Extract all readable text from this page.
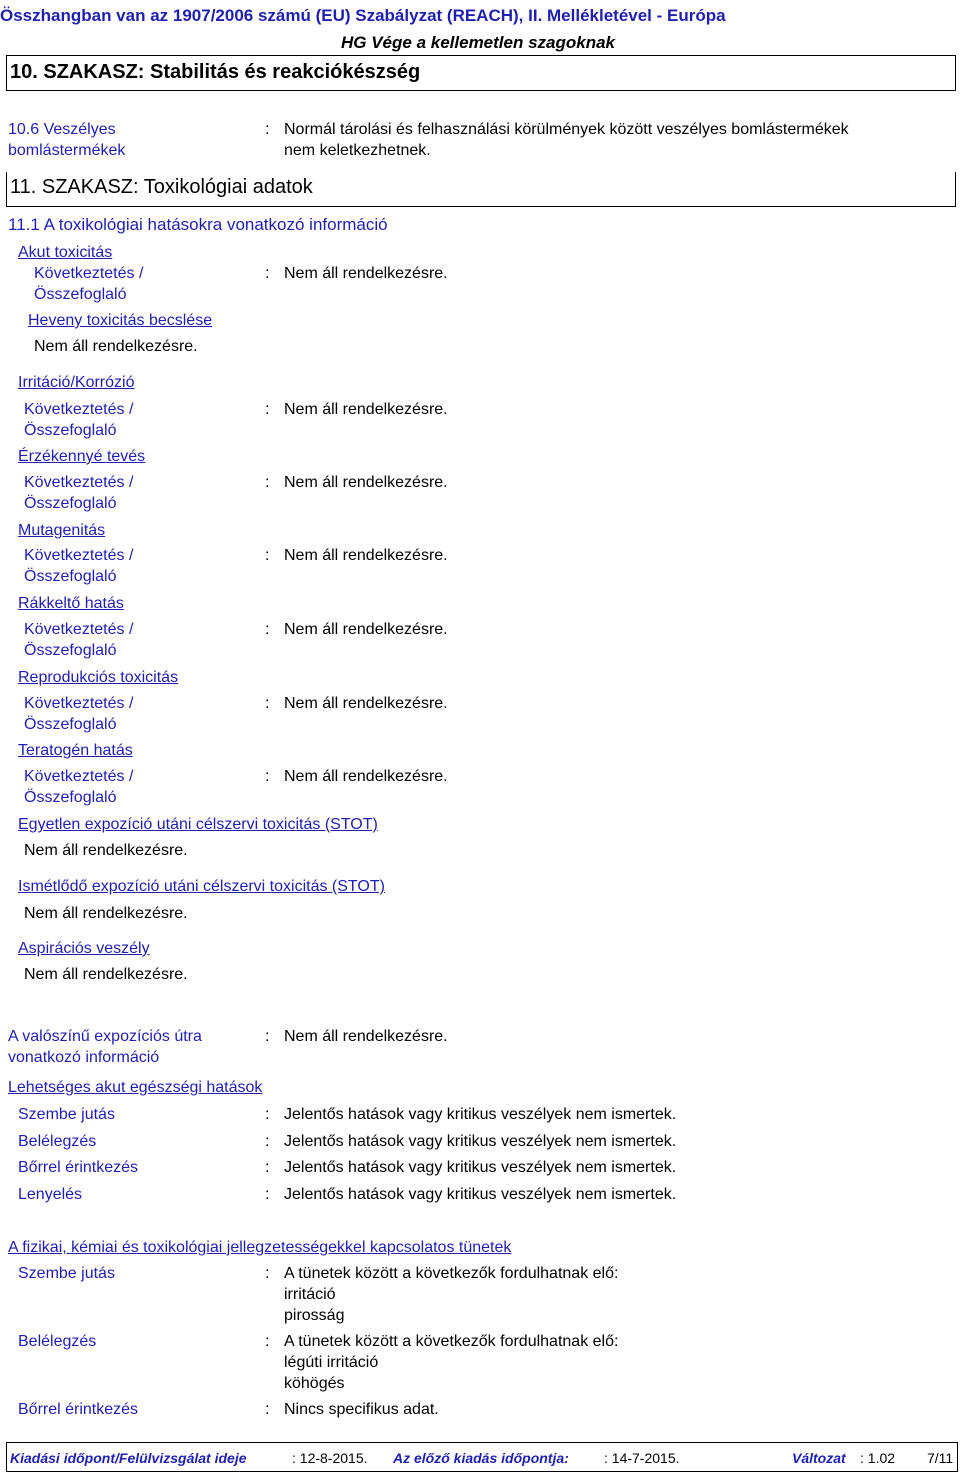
Összhangban van az 1907/2006 számú (EU) Szabályzat (REACH), II. Mellékletével - Európa
HG Vége a kellemetlen szagoknak
10. SZAKASZ: Stabilitás és reakciókészség
10.6 Veszélyes
bomlástermékek
: Normál tárolási és felhasználási körülmények között veszélyes bomlástermékek
nem keletkezhetnek.
11. SZAKASZ: Toxikológiai adatok
11.1 A toxikológiai hatásokra vonatkozó információ
Akut toxicitás
Következtetés /
Összefoglaló
: Nem áll rendelkezésre.
Heveny toxicitás becslése
Nem áll rendelkezésre.
Irritáció/Korrózió
Következtetés /
Összefoglaló
: Nem áll rendelkezésre.
Érzékennyé tevés
Következtetés /
Összefoglaló
: Nem áll rendelkezésre.
Mutagenitás
Következtetés /
Összefoglaló
: Nem áll rendelkezésre.
Rákkeltő hatás
Következtetés /
Összefoglaló
: Nem áll rendelkezésre.
Reprodukciós toxicitás
Következtetés /
Összefoglaló
: Nem áll rendelkezésre.
Teratogén hatás
Következtetés /
Összefoglaló
: Nem áll rendelkezésre.
Egyetlen expozíció utáni célszervi toxicitás (STOT)
Nem áll rendelkezésre.
Ismétlődő expozíció utáni célszervi toxicitás (STOT)
Nem áll rendelkezésre.
Aspirációs veszély
Nem áll rendelkezésre.
A valószínű expozíciós útra
vonatkozó információ
: Nem áll rendelkezésre.
Lehetséges akut egészségi hatások
Szembe jutás	: Jelentős hatások vagy kritikus veszélyek nem ismertek.
Belélegzés	: Jelentős hatások vagy kritikus veszélyek nem ismertek.
Bőrrel érintkezés	: Jelentős hatások vagy kritikus veszélyek nem ismertek.
Lenyelés	: Jelentős hatások vagy kritikus veszélyek nem ismertek.
A fizikai, kémiai és toxikológiai jellegzetességekkel kapcsolatos tünetek
Szembe jutás	: A tünetek között a következők fordulhatnak elő:
irritáció
pirosság
Belélegzés	: A tünetek között a következők fordulhatnak elő:
légúti irritáció
köhögés
Bőrrel érintkezés	: Nincs specifikus adat.
Kiadási időpont/Felülvizsgálat ideje	: 12-8-2015. Az előző kiadás időpontja:	: 14-7-2015.	Változat : 1.02 7/11
